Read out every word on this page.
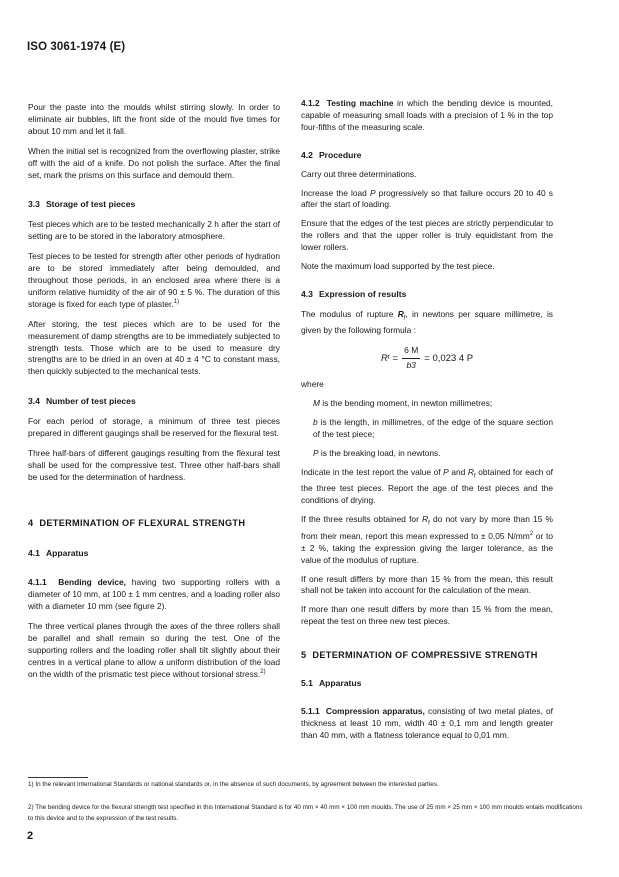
ISO 3061-1974 (E)

Pour the paste into the moulds whilst stirring slowly. In order to eliminate air bubbles, lift the front side of the mould five times for about 10 mm and let it fall.

When the initial set is recognized from the overflowing plaster, strike off with the aid of a knife. Do not polish the surface. After the final set, mark the prisms on this surface and demould them.

3.3 Storage of test pieces

Test pieces which are to be tested mechanically 2 h after the start of setting are to be stored in the laboratory atmosphere.

Test pieces to be tested for strength after other periods of hydration are to be stored immediately after being demoulded, and throughout those periods, in an enclosed area where there is a uniform relative humidity of the air of 90 ± 5 %. The duration of this storage is fixed for each type of plaster.$^{1)}$

After storing, the test pieces which are to be used for the measurement of damp strengths are to be immediately subjected to strength tests. Those which are to be used to measure dry strengths are to be dried in an oven at 40 ± 4 °C to constant mass, then quickly subjected to the mechanical tests.

3.4 Number of test pieces

For each period of storage, a minimum of three test pieces prepared in different gaugings shall be reserved for the flexural test.

Three half-bars of different gaugings resulting from the flexural test shall be used for the compressive test. Three other half-bars shall be used for the determination of hardness.

4 DETERMINATION OF FLEXURAL STRENGTH

4.1 Apparatus

4.1.1 Bending device, having two supporting rollers with a diameter of 10 mm, at 100 ± 1 mm centres, and a loading roller also with a diameter 10 mm (see figure 2).

The three vertical planes through the axes of the three rollers shall be parallel and shall remain so during the test. One of the supporting rollers and the loading roller shall tilt slightly about their centres in a vertical plane to allow a uniform distribution of the load on the width of the prismatic test piece without torsional stress.$^{2)}$

4.1.2 Testing machine in which the bending device is mounted, capable of measuring small loads with a precision of 1 % in the top four-fifths of the measuring scale.

4.2 Procedure

Carry out three determinations.

Increase the load P progressively so that failure occurs 20 to 40 s after the start of loading.

Ensure that the edges of the test pieces are strictly perpendicular to the rollers and that the upper roller is truly equidistant from the lower rollers.

Note the maximum load supported by the test piece.

4.3 Expression of results

The modulus of rupture $R_f$, in newtons per square millimetre, is given by the following formula :

R $f = \frac{6 M}{b3} = 0,023$ 4 P

where

M is the bending moment, in newton millimetres;

b is the length, in millimetres, of the edge of the square section of the test piece;

P is the breaking load, in newtons.

Indicate in the test report the value of P and $R_f$ obtained for each of the three test pieces. Report the age of the test pieces and the conditions of drying.

If the three results obtained for $R_f$ do not vary by more than 15 % from their mean, report this mean expressed to ± 0,05 $N/mm^2$ or to ± 2 %, taking the expression giving the larger tolerance, as the value of the modulus of rupture.

If one result differs by more than 15 % from the mean, this result shall not be taken into account for the calculation of the mean.

If more than one result differs by more than 15 % from the mean, repeat the test on three new test pieces.

5 DETERMINATION OF COMPRESSIVE STRENGTH

5.1 Apparatus

5.1.1 Compression apparatus, consisting of two metal plates, of thickness at least 10 mm, width 40 ± 0,1 mm and length greater than 40 mm, with a flatness tolerance equal to 0,01 mm.

1) In the relevant International Standards or national standards or, in the absence of such documents, by agreement between the interested parties.
2) The bending device for the flexural strength test specified in this International Standard is for 40 mm × 40 mm × 100 mm moulds. The use of 25 mm × 25 mm × 100 mm moulds entails modifications to this device and to the expression of the test results.
2
